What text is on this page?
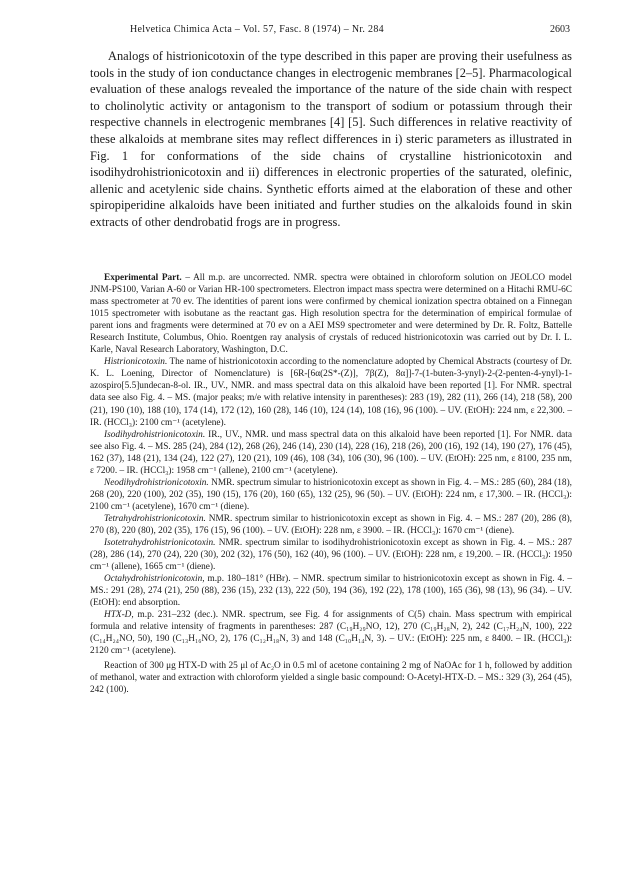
Helvetica Chimica Acta – Vol. 57, Fasc. 8 (1974) – Nr. 284	2603

Analogs of histrionicotoxin of the type described in this paper are proving their usefulness as tools in the study of ion conductance changes in electrogenic membranes [2–5]. Pharmacological evaluation of these analogs revealed the importance of the nature of the side chain with respect to cholinolytic activity or antagonism to the transport of sodium or potassium through their respective channels in electrogenic membranes [4] [5]. Such differences in relative reactivity of these alkaloids at membrane sites may reflect differences in i) steric parameters as illustrated in Fig. 1 for conformations of the side chains of crystalline histrionicotoxin and isodihydrohistrionicotoxin and ii) differences in electronic properties of the saturated, olefinic, allenic and acetylenic side chains. Synthetic efforts aimed at the elaboration of these and other spiropiperidine alkaloids have been initiated and further studies on the alkaloids found in skin extracts of other dendrobatid frogs are in progress.

Experimental Part. – All m.p. are uncorrected. NMR. spectra were obtained in chloroform solution on JEOLCO model JNM-PS100, Varian A-60 or Varian HR-100 spectrometers. Electron impact mass spectra were determined on a Hitachi RMU-6C mass spectrometer at 70 ev. The identities of parent ions were confirmed by chemical ionization spectra obtained on a Finnegan 1015 spectrometer with isobutane as the reactant gas. High resolution spectra for the determination of empirical formulae of parent ions and fragments were determined at 70 ev on a AEI MS9 spectrometer and were determined by Dr. R. Foltz, Battelle Research Institute, Columbus, Ohio. Roentgen ray analysis of crystals of reduced histrionicotoxin was carried out by Dr. I. L. Karle, Naval Research Laboratory, Washington, D.C.

Histrionicotoxin. The name of histrionicotoxin according to the nomenclature adopted by Chemical Abstracts (courtesy of Dr. K. L. Loening, Director of Nomenclature) is [6R-[6α(2S*-(Z)], 7β(Z), 8α]]-7-(1-buten-3-ynyl)-2-(2-penten-4-ynyl)-1-azospiro[5.5]undecan-8-ol. IR., UV., NMR. and mass spectral data on this alkaloid have been reported [1]. For NMR. spectral data see also Fig. 4. – MS. (major peaks; m/e with relative intensity in parentheses): 283 (19), 282 (11), 266 (14), 218 (58), 200 (21), 190 (10), 188 (10), 174 (14), 172 (12), 160 (28), 146 (10), 124 (14), 108 (16), 96 (100). – UV. (EtOH): 224 nm, ε 22,300. – IR. (HCCl₃): 2100 cm⁻¹ (acetylene).

Isodihydrohistrionicotoxin. IR., UV., NMR. und mass spectral data on this alkaloid have been reported [1]. For NMR. data see also Fig. 4. – MS. 285 (24), 284 (12), 268 (26), 246 (14), 230 (14), 228 (16), 218 (26), 200 (16), 192 (14), 190 (27), 176 (45), 162 (37), 148 (21), 134 (24), 122 (27), 120 (21), 109 (46), 108 (34), 106 (30), 96 (100). – UV. (EtOH): 225 nm, ε 8100, 235 nm, ε 7200. – IR. (HCCl₃): 1958 cm⁻¹ (allene), 2100 cm⁻¹ (acetylene).

Neodihydrohistrionicotoxin. NMR. spectrum simular to histrionicotoxin except as shown in Fig. 4. – MS.: 285 (60), 284 (18), 268 (20), 220 (100), 202 (35), 190 (15), 176 (20), 160 (65), 132 (25), 96 (50). – UV. (EtOH): 224 nm, ε 17,300. – IR. (HCCl₃): 2100 cm⁻¹ (acetylene), 1670 cm⁻¹ (diene).

Tetrahydrohistrionicotoxin. NMR. spectrum similar to histrionicotoxin except as shown in Fig. 4. – MS.: 287 (20), 286 (8), 270 (8), 220 (80), 202 (35), 176 (15), 96 (100). – UV. (EtOH): 228 nm, ε 3900. – IR. (HCCl₃): 1670 cm⁻¹ (diene).

Isotetrahydrohistrionicotoxin. NMR. spectrum similar to isodihydrohistrionicotoxin except as shown in Fig. 4. – MS.: 287 (28), 286 (14), 270 (24), 220 (30), 202 (32), 176 (50), 162 (40), 96 (100). – UV. (EtOH): 228 nm, ε 19,200. – IR. (HCCl₃): 1950 cm⁻¹ (allene), 1665 cm⁻¹ (diene).

Octahydrohistrionicotoxin, m.p. 180–181° (HBr). – NMR. spectrum similar to histrionicotoxin except as shown in Fig. 4. – MS.: 291 (28), 274 (21), 250 (88), 236 (15), 232 (13), 222 (50), 194 (36), 192 (22), 178 (100), 165 (36), 98 (13), 96 (34). – UV. (EtOH): end absorption.

HTX-D, m.p. 231–232 (dec.). NMR. spectrum, see Fig. 4 for assignments of C(5) chain. Mass spectrum with empirical formula and relative intensity of fragments in parentheses: 287 (C₁₉H₂₉NO, 12), 270 (C₁₉H₂₈N, 2), 242 (C₁₇H₂₄N, 100), 222 (C₁₄H₂₄NO, 50), 190 (C₁₃H₁₆NO, 2), 176 (C₁₂H₁₈N, 3) and 148 (C₁₀H₁₄N, 3). – UV.: (EtOH): 225 nm, ε 8400. – IR. (HCCl₃): 2120 cm⁻¹ (acetylene).

Reaction of 300 μg HTX-D with 25 μl of Ac₂O in 0.5 ml of acetone containing 2 mg of NaOAc for 1 h, followed by addition of methanol, water and extraction with chloroform yielded a single basic compound: O-Acetyl-HTX-D. – MS.: 329 (3), 264 (45), 242 (100).
